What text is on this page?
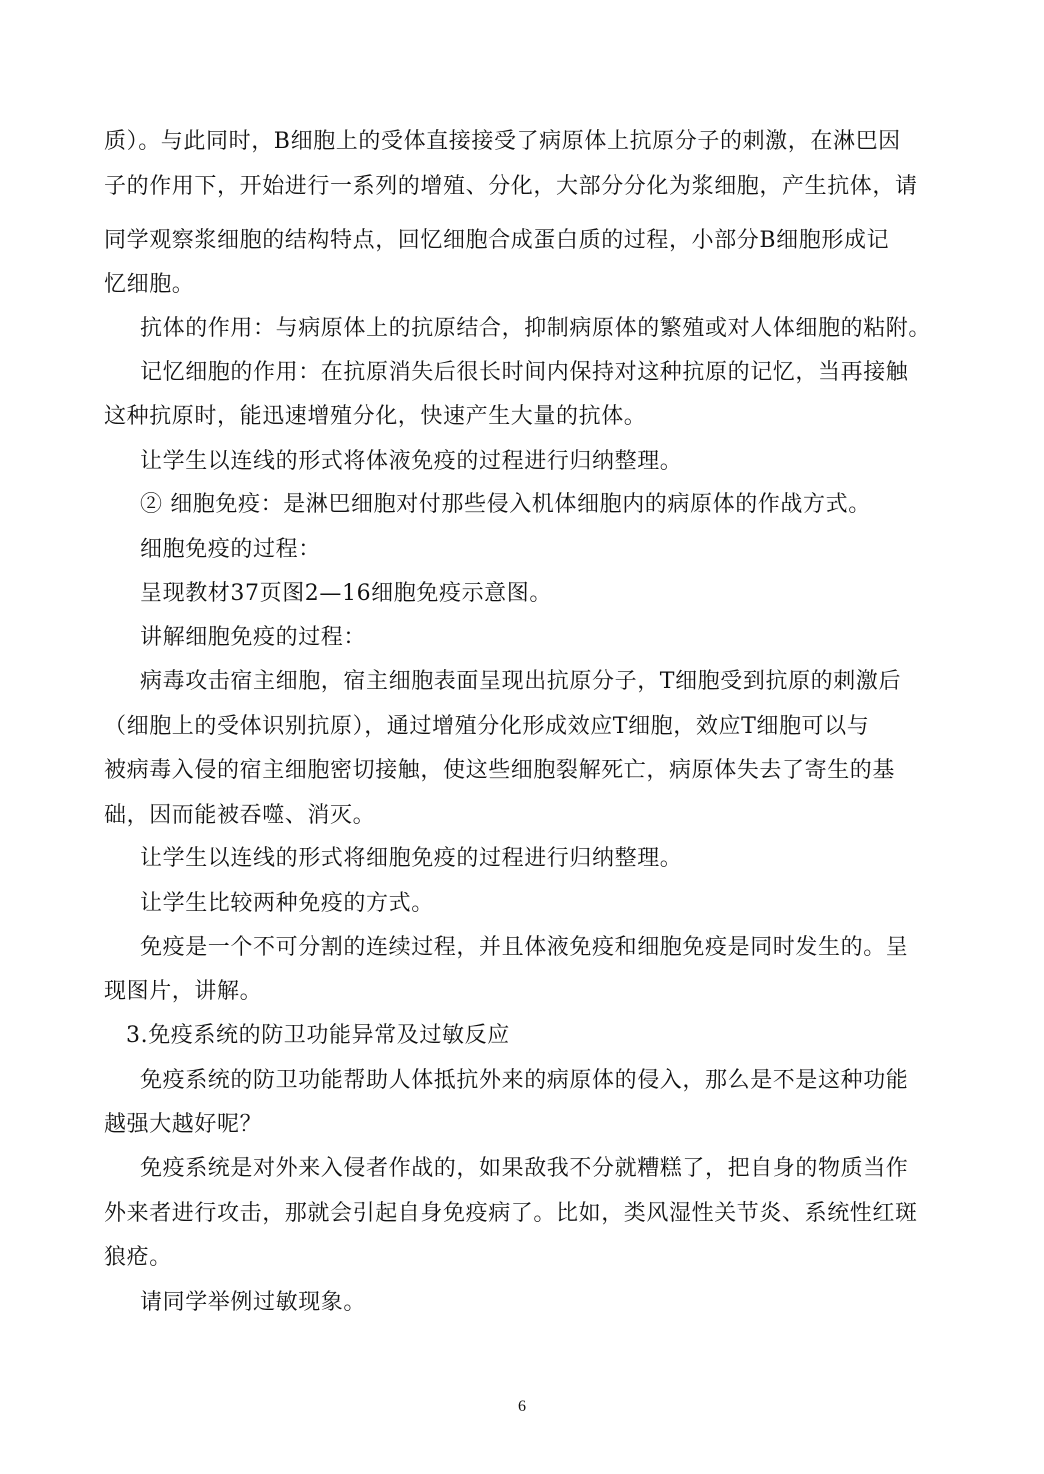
质）。与此同时，B细胞上的受体直接接受了病原体上抗原分子的刺激，在淋巴因
子的作用下，开始进行一系列的增殖、分化，大部分分化为浆细胞，产生抗体，请
同学观察浆细胞的结构特点，回忆细胞合成蛋白质的过程，小部分B细胞形成记
忆细胞。
抗体的作用：与病原体上的抗原结合，抑制病原体的繁殖或对人体细胞的粘附。
记忆细胞的作用：在抗原消失后很长时间内保持对这种抗原的记忆，当再接触
这种抗原时，能迅速增殖分化，快速产生大量的抗体。
让学生以连线的形式将体液免疫的过程进行归纳整理。
② 细胞免疫：是淋巴细胞对付那些侵入机体细胞内的病原体的作战方式。
细胞免疫的过程：
呈现教材37页图2—16细胞免疫示意图。
讲解细胞免疫的过程：
病毒攻击宿主细胞，宿主细胞表面呈现出抗原分子，T细胞受到抗原的刺激后
（细胞上的受体识别抗原），通过增殖分化形成效应T细胞，效应T细胞可以与
被病毒入侵的宿主细胞密切接触，使这些细胞裂解死亡，病原体失去了寄生的基
础，因而能被吞噬、消灭。
让学生以连线的形式将细胞免疫的过程进行归纳整理。
让学生比较两种免疫的方式。
免疫是一个不可分割的连续过程，并且体液免疫和细胞免疫是同时发生的。呈
现图片，讲解。
3.免疫系统的防卫功能异常及过敏反应
免疫系统的防卫功能帮助人体抵抗外来的病原体的侵入，那么是不是这种功能
越强大越好呢？
免疫系统是对外来入侵者作战的，如果敌我不分就糟糕了，把自身的物质当作
外来者进行攻击，那就会引起自身免疫病了。比如，类风湿性关节炎、系统性红斑
狼疮。
请同学举例过敏现象。
6
